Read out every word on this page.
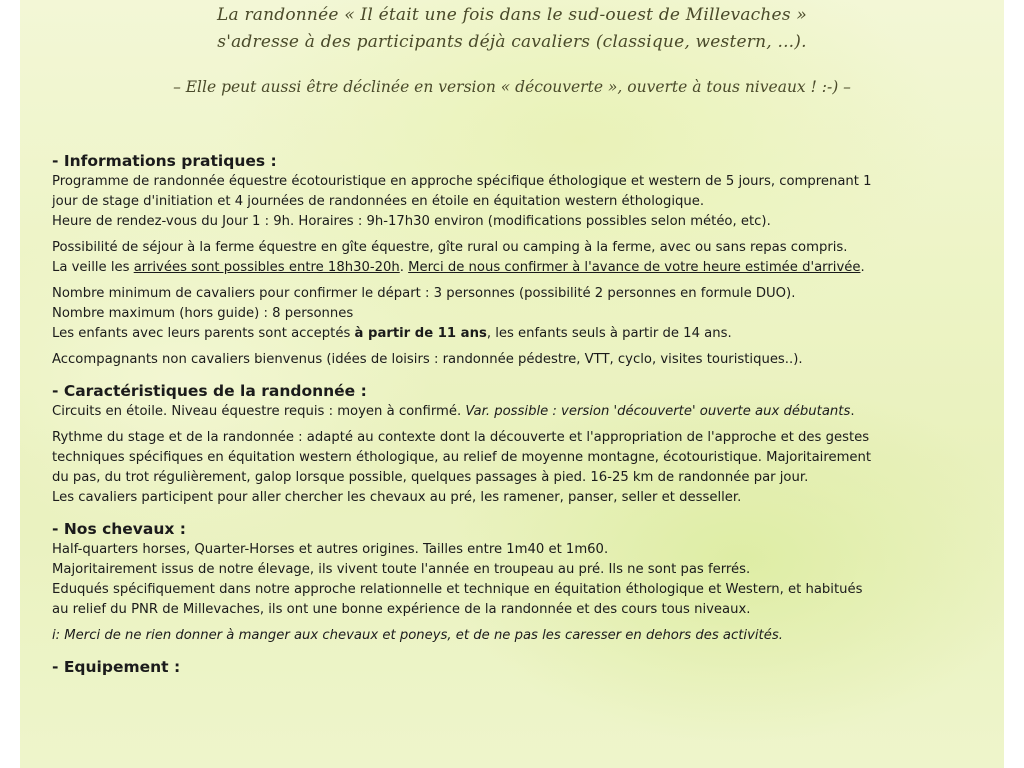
La randonnée « Il était une fois dans le sud-ouest de Millevaches »

s'adresse à des participants déjà cavaliers (classique, western, ...).

– Elle peut aussi être déclinée en version « découverte », ouverte à tous niveaux ! :-) –

- Informations pratiques :

Programme de randonnée équestre écotouristique en approche spécifique éthologique et western de 5 jours, comprenant 1

jour de stage d'initiation et 4 journées de randonnées en étoile en équitation western éthologique.

Heure de rendez-vous du Jour 1 : 9h. Horaires : 9h-17h30 environ (modifications possibles selon météo, etc).

Possibilité de séjour à la ferme équestre en gîte équestre, gîte rural ou camping à la ferme, avec ou sans repas compris.

La veille les arrivées sont possibles entre 18h30-20h. Merci de nous confirmer à l'avance de votre heure estimée d'arrivée.

Nombre minimum de cavaliers pour confirmer le départ : 3 personnes (possibilité 2 personnes en formule DUO).

Nombre maximum (hors guide) : 8 personnes

Les enfants avec leurs parents sont acceptés à partir de 11 ans, les enfants seuls à partir de 14 ans.

Accompagnants non cavaliers bienvenus (idées de loisirs : randonnée pédestre, VTT, cyclo, visites touristiques..).

- Caractéristiques de la randonnée :

Circuits en étoile. Niveau équestre requis : moyen à confirmé. Var. possible : version 'découverte' ouverte aux débutants.

Rythme du stage et de la randonnée : adapté au contexte dont la découverte et l'appropriation de l'approche et des gestes

techniques spécifiques en équitation western éthologique, au relief de moyenne montagne, écotouristique. Majoritairement

du pas, du trot régulièrement, galop lorsque possible, quelques passages à pied. 16-25 km de randonnée par jour.

Les cavaliers participent pour aller chercher les chevaux au pré, les ramener, panser, seller et desseller.

- Nos chevaux :

Half-quarters horses, Quarter-Horses et autres origines. Tailles entre 1m40 et 1m60.

Majoritairement issus de notre élevage, ils vivent toute l'année en troupeau au pré. Ils ne sont pas ferrés.

Eduqués spécifiquement dans notre approche relationnelle et technique en équitation éthologique et Western, et habitués

au relief du PNR de Millevaches, ils ont une bonne expérience de la randonnée et des cours tous niveaux.

i: Merci de ne rien donner à manger aux chevaux et poneys, et de ne pas les caresser en dehors des activités.

- Equipement :
